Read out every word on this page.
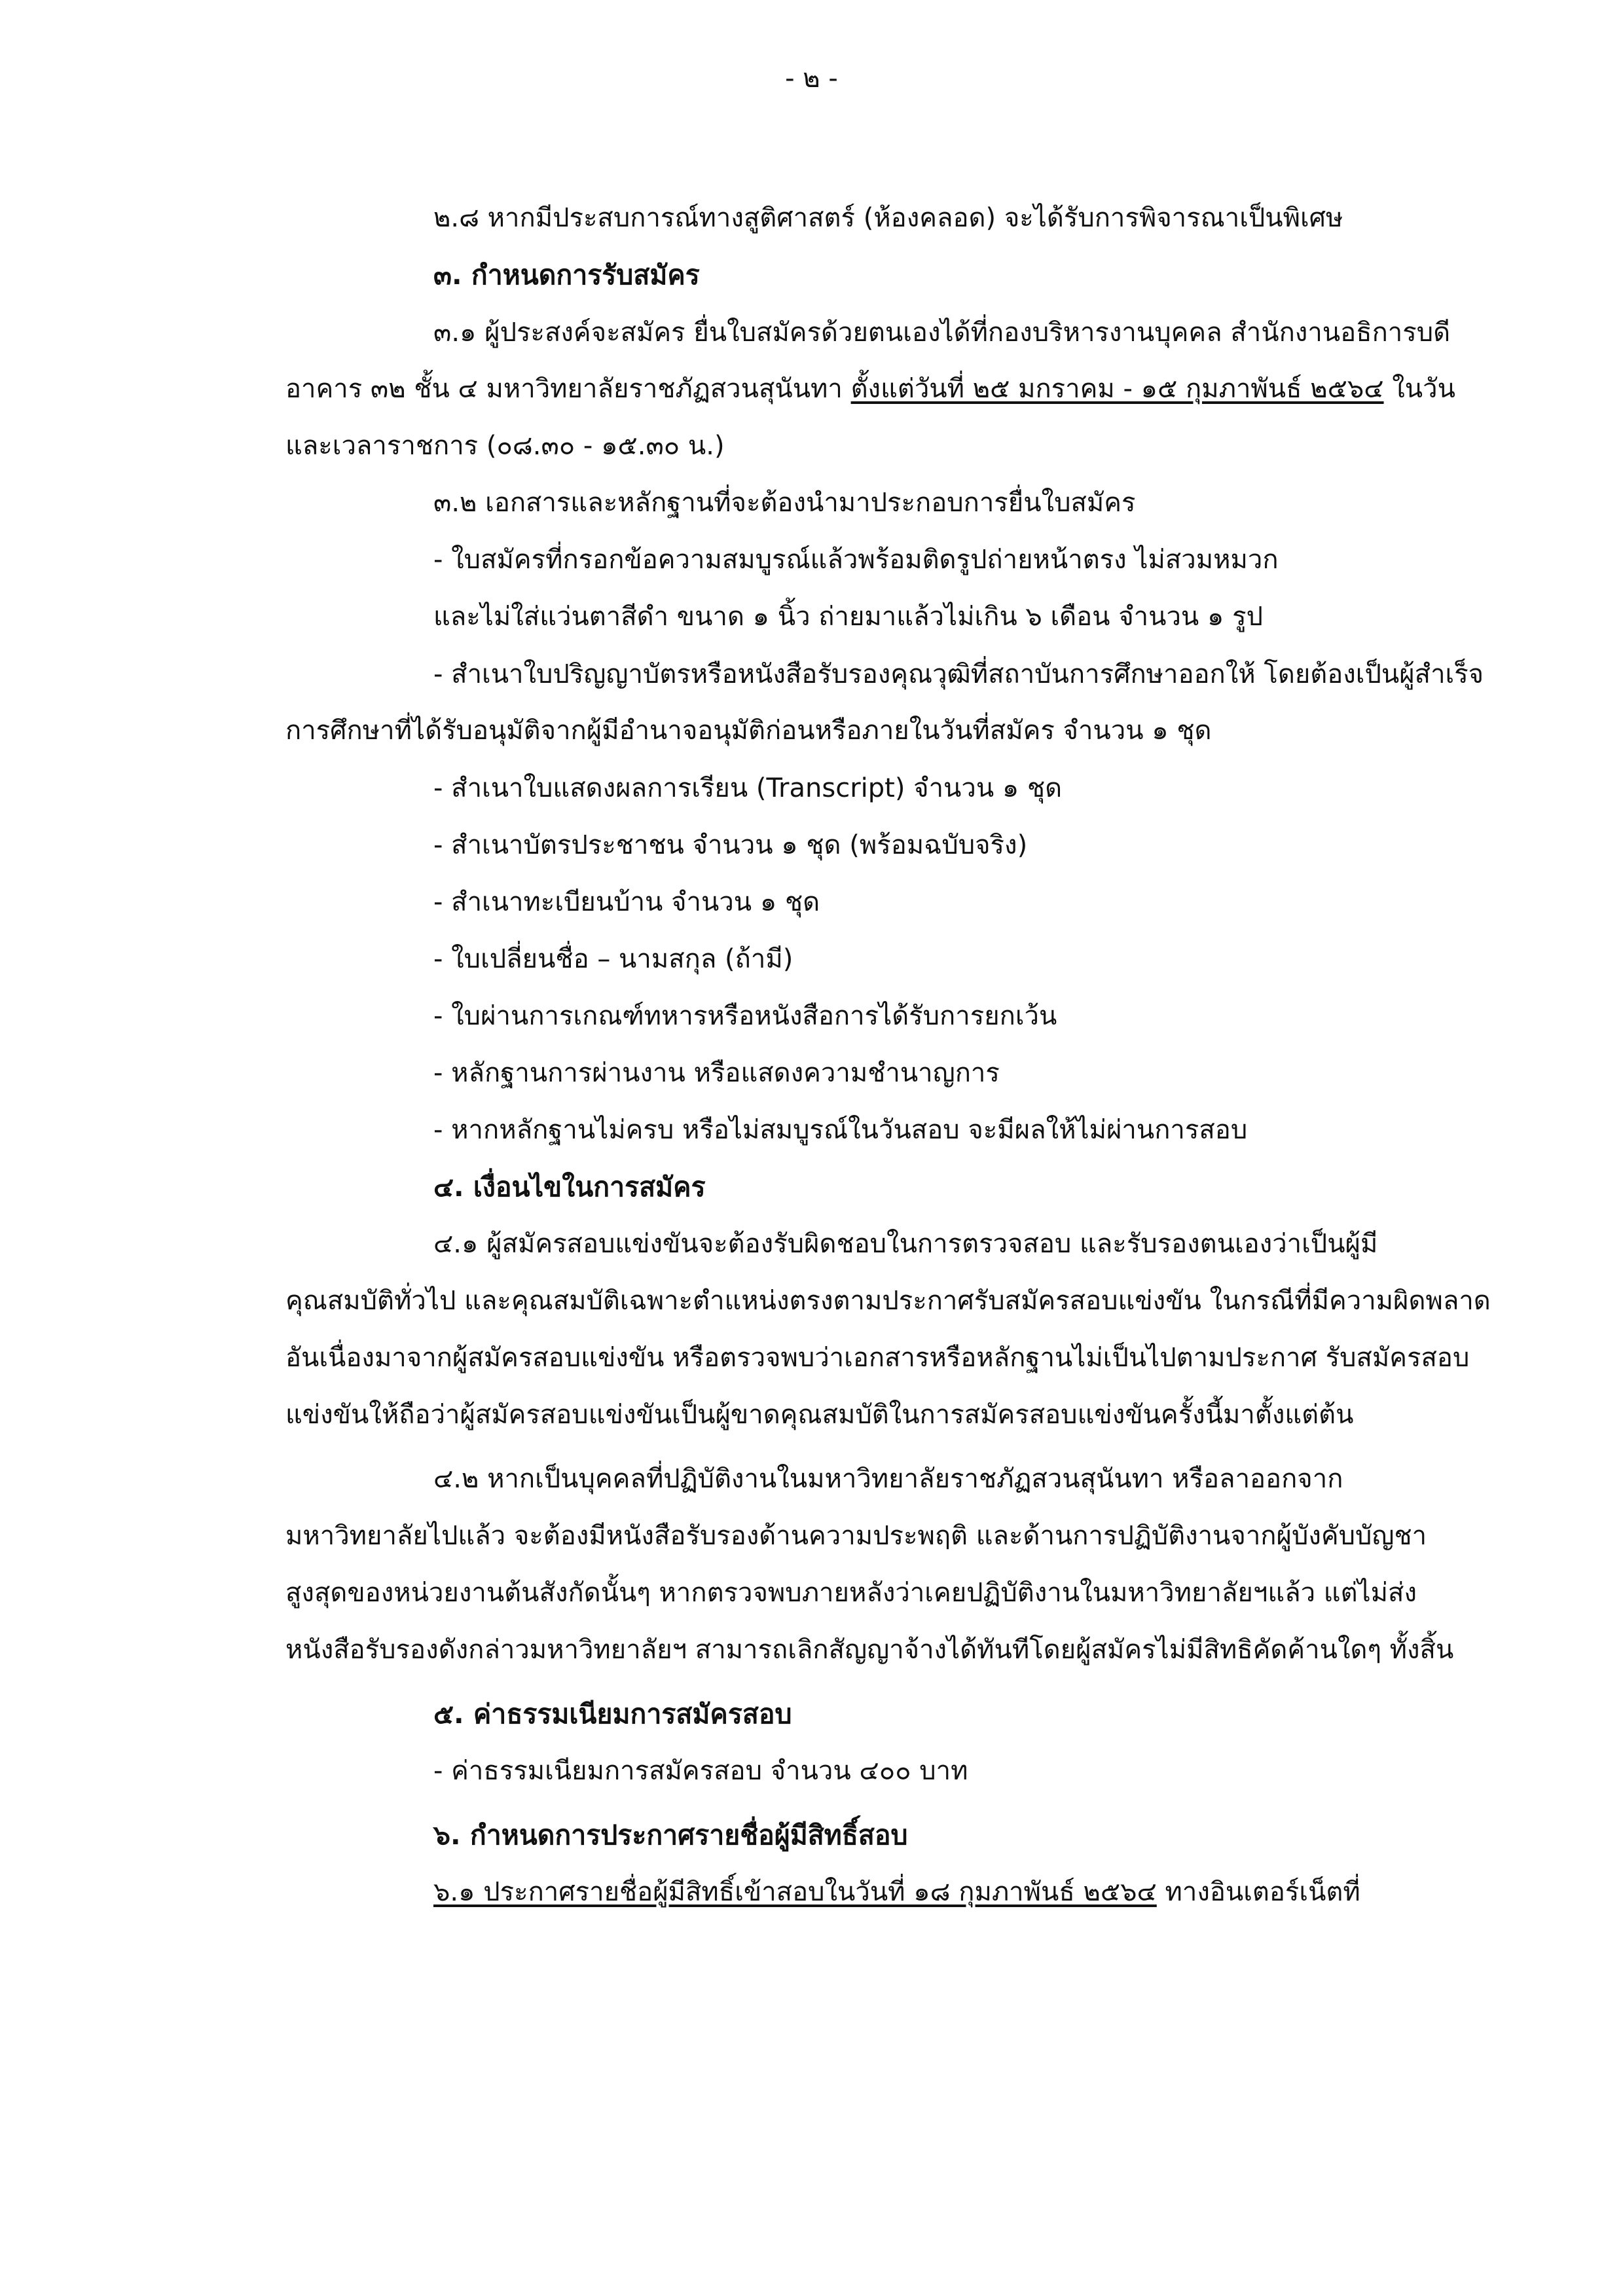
- ๒ -
๒.๘ หากมีประสบการณ์ทางสูติศาสตร์ (ห้องคลอด) จะได้รับการพิจารณาเป็นพิเศษ
๓. กำหนดการรับสมัคร
๓.๑ ผู้ประสงค์จะสมัคร ยื่นใบสมัครด้วยตนเองได้ที่กองบริหารงานบุคคล สำนักงานอธิการบดี
อาคาร ๓๒ ชั้น ๔ มหาวิทยาลัยราชภัฏสวนสุนันทา ตั้งแต่วันที่ ๒๕ มกราคม - ๑๕ กุมภาพันธ์ ๒๕๖๔ ในวัน
และเวลาราชการ (๐๘.๓๐ - ๑๕.๓๐ น.)
๓.๒ เอกสารและหลักฐานที่จะต้องนำมาประกอบการยื่นใบสมัคร
- ใบสมัครที่กรอกข้อความสมบูรณ์แล้วพร้อมติดรูปถ่ายหน้าตรง ไม่สวมหมวก
และไม่ใส่แว่นตาสีดำ ขนาด ๑ นิ้ว ถ่ายมาแล้วไม่เกิน ๖ เดือน จำนวน ๑ รูป
- สำเนาใบปริญญาบัตรหรือหนังสือรับรองคุณวุฒิที่สถาบันการศึกษาออกให้ โดยต้องเป็นผู้สำเร็จ
การศึกษาที่ได้รับอนุมัติจากผู้มีอำนาจอนุมัติก่อนหรือภายในวันที่สมัคร จำนวน ๑ ชุด
- สำเนาใบแสดงผลการเรียน (Transcript) จำนวน ๑ ชุด
- สำเนาบัตรประชาชน จำนวน ๑ ชุด (พร้อมฉบับจริง)
- สำเนาทะเบียนบ้าน จำนวน ๑ ชุด
- ใบเปลี่ยนชื่อ – นามสกุล (ถ้ามี)
- ใบผ่านการเกณฑ์ทหารหรือหนังสือการได้รับการยกเว้น
- หลักฐานการผ่านงาน หรือแสดงความชำนาญการ
- หากหลักฐานไม่ครบ หรือไม่สมบูรณ์ในวันสอบ จะมีผลให้ไม่ผ่านการสอบ
๔. เงื่อนไขในการสมัคร
๔.๑ ผู้สมัครสอบแข่งขันจะต้องรับผิดชอบในการตรวจสอบ และรับรองตนเองว่าเป็นผู้มี
คุณสมบัติทั่วไป และคุณสมบัติเฉพาะตำแหน่งตรงตามประกาศรับสมัครสอบแข่งขัน ในกรณีที่มีความผิดพลาด
อันเนื่องมาจากผู้สมัครสอบแข่งขัน หรือตรวจพบว่าเอกสารหรือหลักฐานไม่เป็นไปตามประกาศ รับสมัครสอบ
แข่งขันให้ถือว่าผู้สมัครสอบแข่งขันเป็นผู้ขาดคุณสมบัติในการสมัครสอบแข่งขันครั้งนี้มาตั้งแต่ต้น
๔.๒ หากเป็นบุคคลที่ปฏิบัติงานในมหาวิทยาลัยราชภัฏสวนสุนันทา หรือลาออกจาก
มหาวิทยาลัยไปแล้ว จะต้องมีหนังสือรับรองด้านความประพฤติ และด้านการปฏิบัติงานจากผู้บังคับบัญชา
สูงสุดของหน่วยงานต้นสังกัดนั้นๆ หากตรวจพบภายหลังว่าเคยปฏิบัติงานในมหาวิทยาลัยฯแล้ว แต่ไม่ส่ง
หนังสือรับรองดังกล่าวมหาวิทยาลัยฯ สามารถเลิกสัญญาจ้างได้ทันทีโดยผู้สมัครไม่มีสิทธิคัดค้านใดๆ ทั้งสิ้น
๕. ค่าธรรมเนียมการสมัครสอบ
- ค่าธรรมเนียมการสมัครสอบ จำนวน ๔๐๐ บาท
๖. กำหนดการประกาศรายชื่อผู้มีสิทธิ์สอบ
๖.๑ ประกาศรายชื่อผู้มีสิทธิ์เข้าสอบในวันที่ ๑๘ กุมภาพันธ์ ๒๕๖๔ ทางอินเตอร์เน็ตที่
